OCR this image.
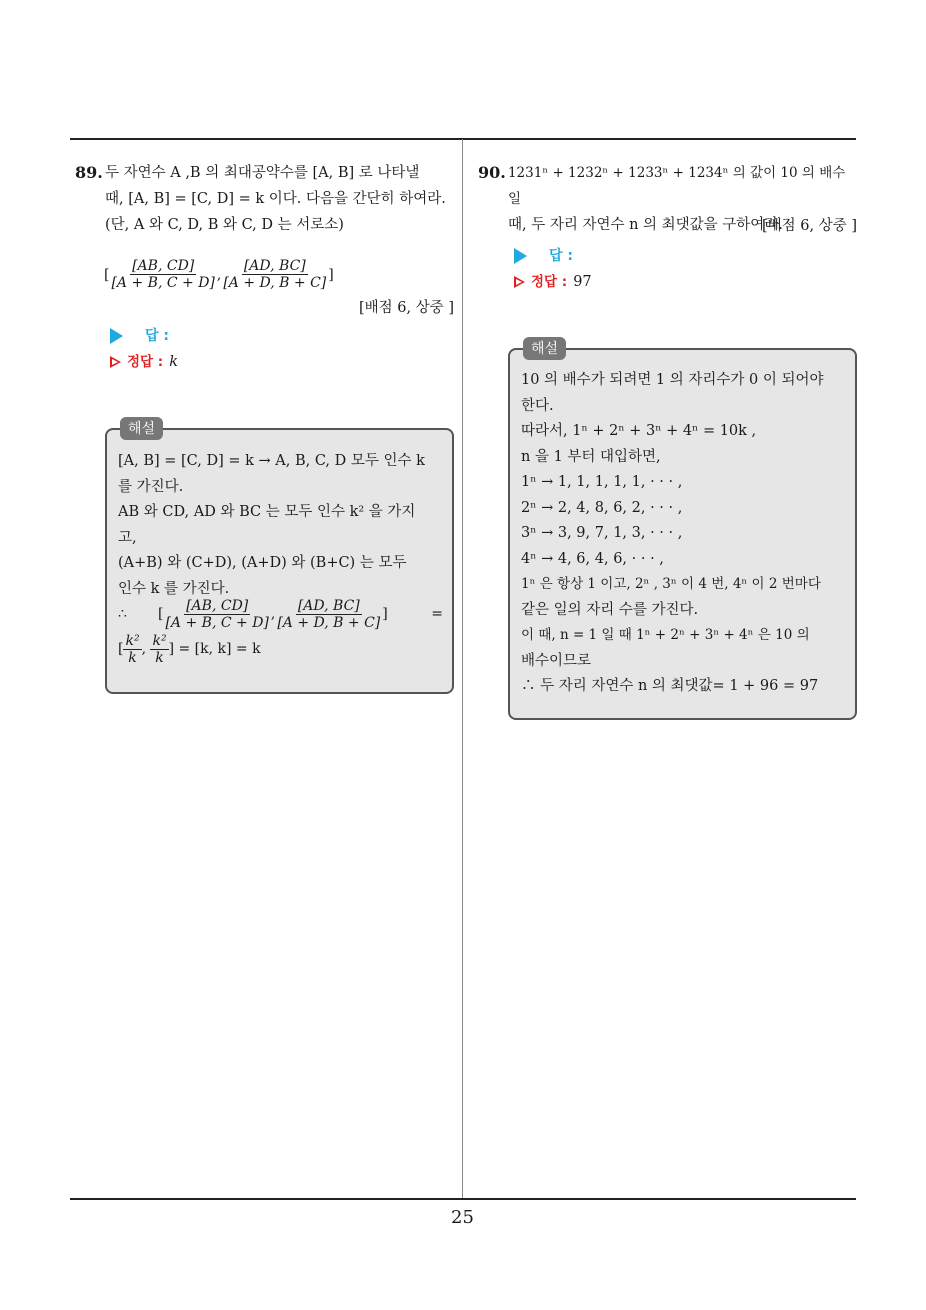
25
89. 두 자연수 A ,B 의 최대공약수를 [A, B] 로 나타낼
때, [A, B] = [C, D] = k 이다. 다음을 간단히 하여라.
(단, A 와 C, D, B 와 C, D 는 서로소)
[ $\frac{[AB, CD]}{[A + B, C + D]}$ , $\frac{[AD, BC]}{[A + D, B + C]}$ ]
[배점 6, 상중 ]
답 :
정답 : k
해설
[A, B] = [C, D] = k → A, B, C, D 모두 인수 k
를 가진다.
AB 와 CD, AD 와 BC 는 모두 인수 k² 을 가지
고,
(A+B) 와 (C+D), (A+D) 와 (B+C) 는 모두
인수 k 를 가진다.
∴	[ $\frac{[AB, CD]}{[A + B, C + D]}$ , $\frac{[AD, BC]}{[A + D, B + C]}$ ]	=
[ $\frac{\text{k²}}{k}$ , $\frac{\text{k²}}{k}$ ] = [k, k] = k
90. 1231ⁿ + 1232ⁿ + 1233ⁿ + 1234ⁿ 의 값이 10 의 배수일
때, 두 자리 자연수 n 의 최댓값을 구하여라.
[배점 6, 상중 ]
답 :
정답 : 97
해설
10 의 배수가 되려면 1 의 자리수가 0 이 되어야
한다.
따라서, 1ⁿ + 2ⁿ + 3ⁿ + 4ⁿ = 10k ,
n 을 1 부터 대입하면,
1ⁿ → 1, 1, 1, 1, 1, · · · ,
2ⁿ → 2, 4, 8, 6, 2, · · · ,
3ⁿ → 3, 9, 7, 1, 3, · · · ,
4ⁿ → 4, 6, 4, 6, · · · ,
1ⁿ 은 항상 1 이고, 2ⁿ , 3ⁿ 이 4 번, 4ⁿ 이 2 번마다
같은 일의 자리 수를 가진다.
이 때, n = 1 일 때 1ⁿ + 2ⁿ + 3ⁿ + 4ⁿ 은 10 의
배수이므로
∴ 두 자리 자연수 n 의 최댓값= 1 + 96 = 97
